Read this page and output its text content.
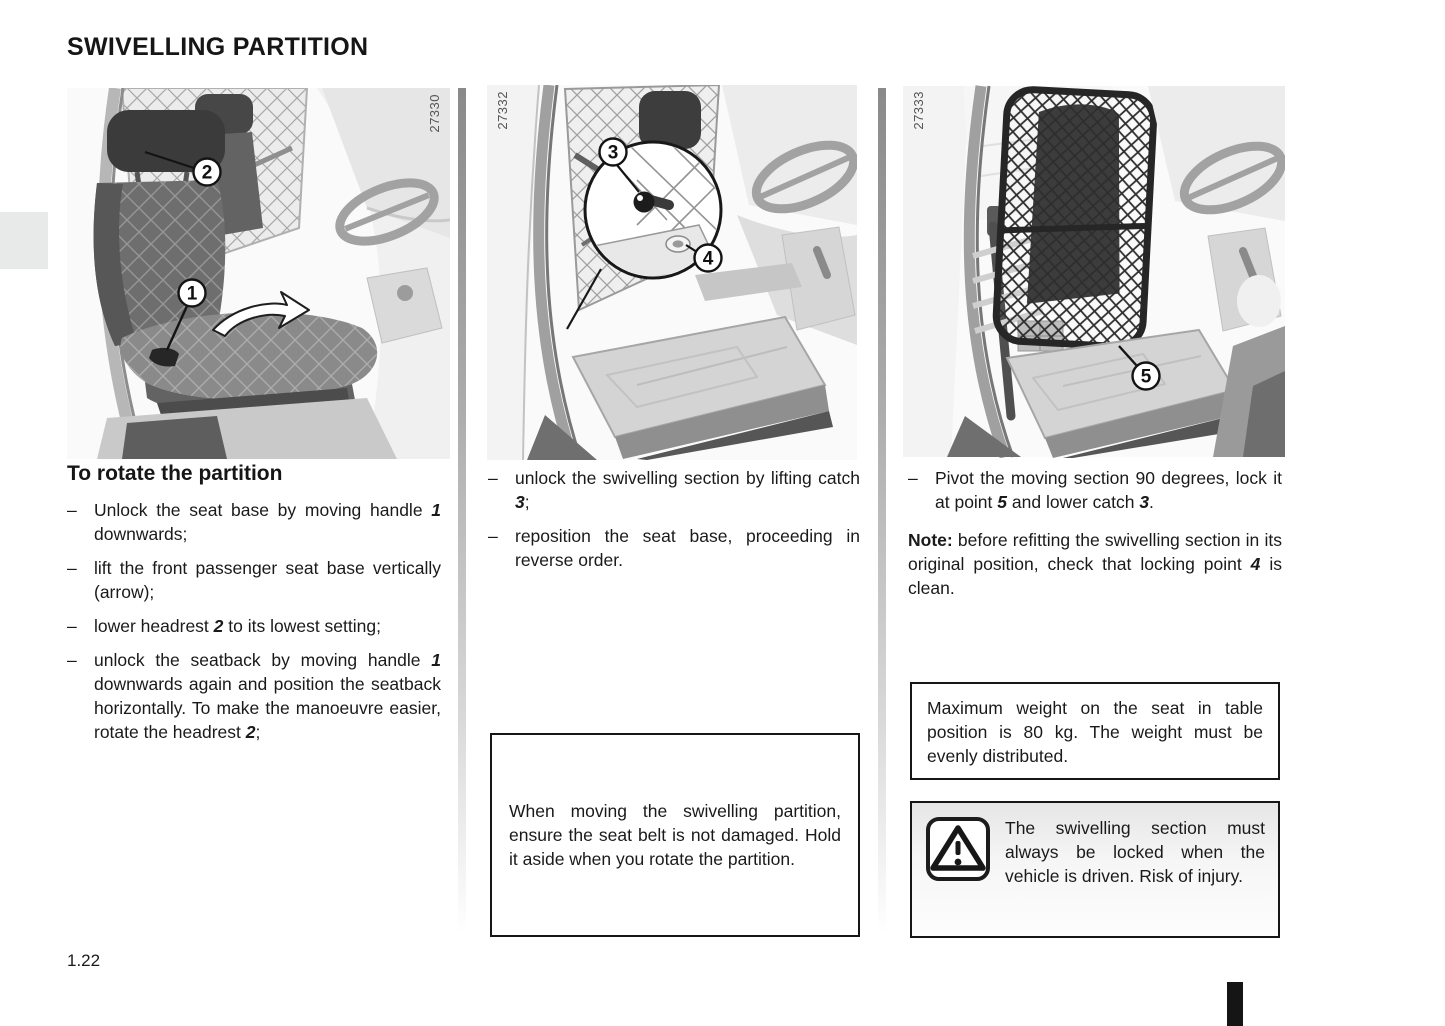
SWIVELLING PARTITION
2
1
27330
3
4
27332
5
27333
To rotate the partition
– Unlock the seat base by moving handle 1 downwards;
– lift the front passenger seat base vertically (arrow);
– lower headrest 2 to its lowest setting;
– unlock the seatback by moving handle 1 downwards again and position the seatback horizontally. To make the manoeuvre easier, rotate the headrest 2;
– unlock the swivelling section by lifting catch 3;
– reposition the seat base, proceeding in reverse order.
When moving the swivelling partition, ensure the seat belt is not damaged. Hold it aside when you rotate the partition.
– Pivot the moving section 90 degrees, lock it at point 5 and lower catch 3.

Note: before refitting the swivelling section in its original position, check that locking point 4 is clean.

Maximum weight on the seat in table position is 80 kg. The weight must be evenly distributed.
The swivelling section must always be locked when the vehicle is driven. Risk of injury.
1.22
